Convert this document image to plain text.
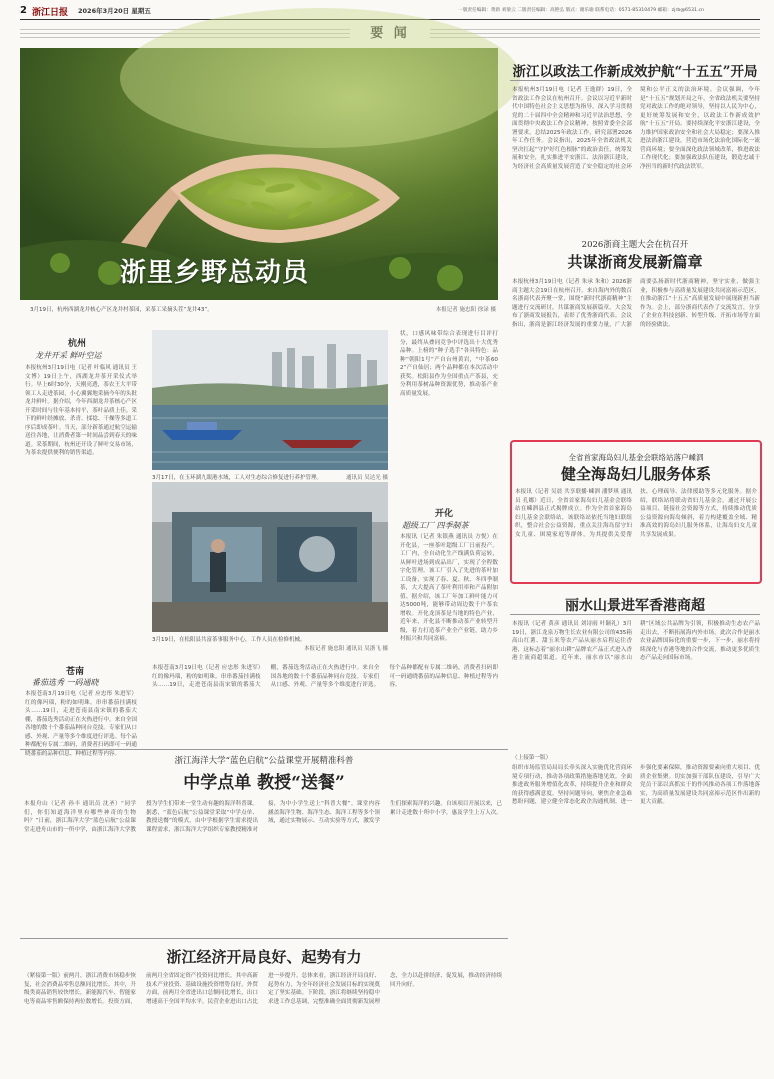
2 浙江日报 2026年3月20日 星期五	一版责任编辑：黄新 刘梁云 二版责任编辑：高艳弘 版式：谢乐瑜 联系电话：0571-85310479 邮箱：zjrb@6531.cn
要 闻
浙里乡野总动员
3月19日，杭州西湖龙井核心产区龙井村茶园，采茶工采摘头茬“龙井43”。	本报记者 施忠阳 徐渌 摄
杭州
龙井开采 鲜叶空运
本报杭州3月19日电（记者 叶临风 通讯员 王文博）19日上午，西湖龙井茶开采仪式举行。早上6时30分，天刚亮透，茶农王大平带领工人走进茶园，小心翼翼地采摘今年的头批龙井鲜叶。据介绍，今年西湖龙井茶核心产区开采时间与往年基本持平，茶叶品质上佳。采下的鲜叶经摊放、杀青、揉捻、干燥等多道工序后即成茶叶。当天，部分新茶通过航空运输送往各地，让消费者第一时间品尝到春天的味道。采茶期间，杭州还开设了鲜叶交易市场，为茶农提供便利的销售渠道。
苍南
番茄选秀 一码通晓
本报苍南3月19日电（记者 应忠彤 朱进军）红的像玛瑙，粉的如明珠。串串番茄挂满枝头……19日，走进苍南县南宋镇的番茄大棚，番茄选秀活动正在火热进行中。来自全国各地的数十个番茄品种同台竞技。专家们从口感、外观、产量等多个维度进行评选。每个品种都配有专属二维码，消费者扫码即可一码通晓番茄的品种信息、种植过程等内容。
3月17日，在玉环湖九眼港水域，工人对生态综合修复进行养护管理。	通讯员 吴达光 摄
3月19日，在松阳县共富茶事服务中心，工作人员在检修机械。
本报记者 施忠阳 通讯员 吴浙飞 摄
状，口感风味带综合表现进行目评打分，最终从叠同竞争中评选出十大优秀品种。上榜的“种子选手”各具特色：品种“朝阳1号”产自台州黄岩，“中茶602”产自仙居；两个品种都在本次活动中获奖。松阳县作为全国重点产茶县，充分利用茶树品种资源优势，推动茶产业高质量发展。
开化
超级工厂 四季制茶
本报讯（记者 朱银燕 通讯员 方悦）在开化县，一座茶叶超级工厂日前投产。工厂内，全自动化生产线满负荷运转，从鲜叶进场到成品出厂，实现了全程数字化管理。该工厂引入了先进的茶叶加工设备，实现了春、夏、秋、冬四季制茶，大大提高了茶叶利用率和产品附加值。据介绍，该工厂年加工鲜叶能力可达5000吨，能够带动周边数千户茶农增收。开化龙顶茶是当地的特色产业，近年来，开化县不断推动茶产业转型升级，着力打造茶产业全产业链，助力乡村振兴和共同富裕。
本报苍南3月19日电（记者 应忠彤 朱进军）红的像玛瑙，粉的如明珠。串串番茄挂满枝头……19日，走进苍南县南宋镇的番茄大棚，番茄选秀活动正在火热进行中。来自全国各地的数十个番茄品种同台竞技。专家们从口感、外观、产量等多个维度进行评选。每个品种都配有专属二维码，消费者扫码即可一码通晓番茄的品种信息、种植过程等内容。
浙江以政法工作新成效护航“十五五”开局
本报杭州3月19日电（记者 王逸群）19日，全省政法工作会议在杭州召开。会议以习近平新时代中国特色社会主义思想为指导，深入学习贯彻党的二十届四中全会精神和习近平法治思想，全面贯彻中央政法工作会议精神，按照省委全会部署要求，总结2025年政法工作，研究部署2026年工作任务。会议指出，2025年全省政法机关坚决扛起“守护好红色根脉”的政治责任，统筹发展和安全，扎实推进平安浙江、法治浙江建设，为经济社会高质量发展营造了安全稳定的社会环境和公平正义的法治环境。会议强调，今年是“十五五”规划开局之年，全省政法机关要坚持党对政法工作的绝对领导，坚持以人民为中心，更好统筹发展和安全，以政法工作新成效护航“十五五”开局。要持续深化平安浙江建设，全力维护国家政治安全和社会大局稳定；要深入推进法治浙江建设，营造市场化法治化国际化一流营商环境；要全面深化政法领域改革，推进政法工作现代化；要加强政法队伍建设，锻造忠诚干净担当的新时代政法铁军。
2026浙商主题大会在杭召开
共谋浙商发展新篇章
本报杭州3月19日电（记者 朱承 朱和）2026浙商主题大会19日在杭州召开。来自海内外的数百名浙商代表齐聚一堂，围绕“新时代浙商精神”主题进行交流研讨，共谋浙商发展新篇章。大会发布了浙商发展报告，表彰了优秀浙商代表。会议指出，浙商是浙江经济发展的重要力量，广大浙商要弘扬新时代浙商精神，坚守实业、做强主业，积极参与高质量发展建设共同富裕示范区，在推动浙江“十五五”高质量发展中展现新担当新作为。会上，部分浙商代表作了交流发言，分享了企业在科技创新、转型升级、开拓市场等方面的经验做法。
全省首家海岛妇儿基金会联络站落户嵊泗
健全海岛妇儿服务体系
本报讯（记者 吴晨 共享联播·嵊泗 潘梦琪 通讯员 孔娜）近日，全省首家海岛妇儿基金会联络站在嵊泗县正式揭牌成立。作为全省首家海岛妇儿基金会联络站，该联络站依托当地妇联组织，整合社会公益资源，重点关注海岛留守妇女儿童、困境家庭等群体，为其提供关爱帮扶、心理疏导、法律援助等多元化服务。据介绍，联络站将联动省妇儿基金会，通过开展公益项目、链接社会资源等方式，持续推动优质公益资源向海岛倾斜，着力构建覆盖全域、精准高效的海岛妇儿服务体系，让海岛妇女儿童共享发展成果。
丽水山景进军香港商超
本报讯（记者 黄彦 通讯员 刘诗雨 叶颖礼）3月19日，浙江龙泉万物生长农业有限公司的435箱高山红薯、甜玉米等农产品从丽水启程运往香港，这标志着“丽水山耕”品牌农产品正式进入香港主流商超渠道。近年来，丽水市以“丽水山耕”区域公共品牌为引领，积极推动生态农产品走出去，不断拓展海内外市场。此次合作是丽水农业品牌国际化的重要一步，下一步，丽水将持续深化与香港等地的合作交流，推动更多优质生态产品走向国际市场。
浙江海洋大学“蓝色启航”公益课堂开展精准科普
中学点单 教授“送餐”
本报舟山（记者 孙丰 通讯员 沈圣）“同学们，你们知道海洋里有哪些神奇的生物吗？”日前，浙江海洋大学“蓝色启航”公益课堂走进舟山市的一所中学，由浙江海洋大学教授为学生们带来一堂生动有趣的海洋科普课。据悉，“蓝色启航”公益课堂采取“中学点单、教授送餐”的模式，由中学根据学生需求提出课程需求，浙江海洋大学组织专家教授精准对接，为中小学生送上“科普大餐”。课堂内容涵盖海洋生物、海洋生态、海洋工程等多个领域，通过实物展示、互动实验等方式，激发学生们探索海洋的兴趣。自该项目开展以来，已累计走进数十所中小学，惠及学生上万人次。
（上接第一版）
组织市场监管局局局长牵头深入实施优化营商环境专项行动，推动各项政策措施落地见效。全面推进政务服务增值化改革，持续提升企业和群众的获得感满意度。坚持问题导向，聚焦企业急难愁盼问题，建立健全常态化政企沟通机制。进一步强化要素保障，推动资源要素向重大项目、优质企业集聚。切实加强干部队伍建设，引导广大党员干部以真抓实干的作风推动各项工作落地落实，为高质量发展建设共同富裕示范区作出新的更大贡献。
浙江经济开局良好、起势有力
（紧接第一版）前两月，浙江消费市场稳步恢复，社会消费品零售总额同比增长。其中，升级类商品销售较快增长，新能源汽车、智能家电等商品零售额保持两位数增长。投资方面，前两月全省固定资产投资同比增长，其中高新技术产业投资、基础设施投资增势良好。外贸方面，前两月全省进出口总额同比增长，出口增速高于全国平均水平，民营企业进出口占比进一步提升。总体来看，浙江经济开局良好、起势有力，为全年经济社会发展目标的实现奠定了坚实基础。下阶段，浙江将继续坚持稳中求进工作总基调，完整准确全面贯彻新发展理念，全力以赴拼经济、促发展，推动经济持续回升向好。
